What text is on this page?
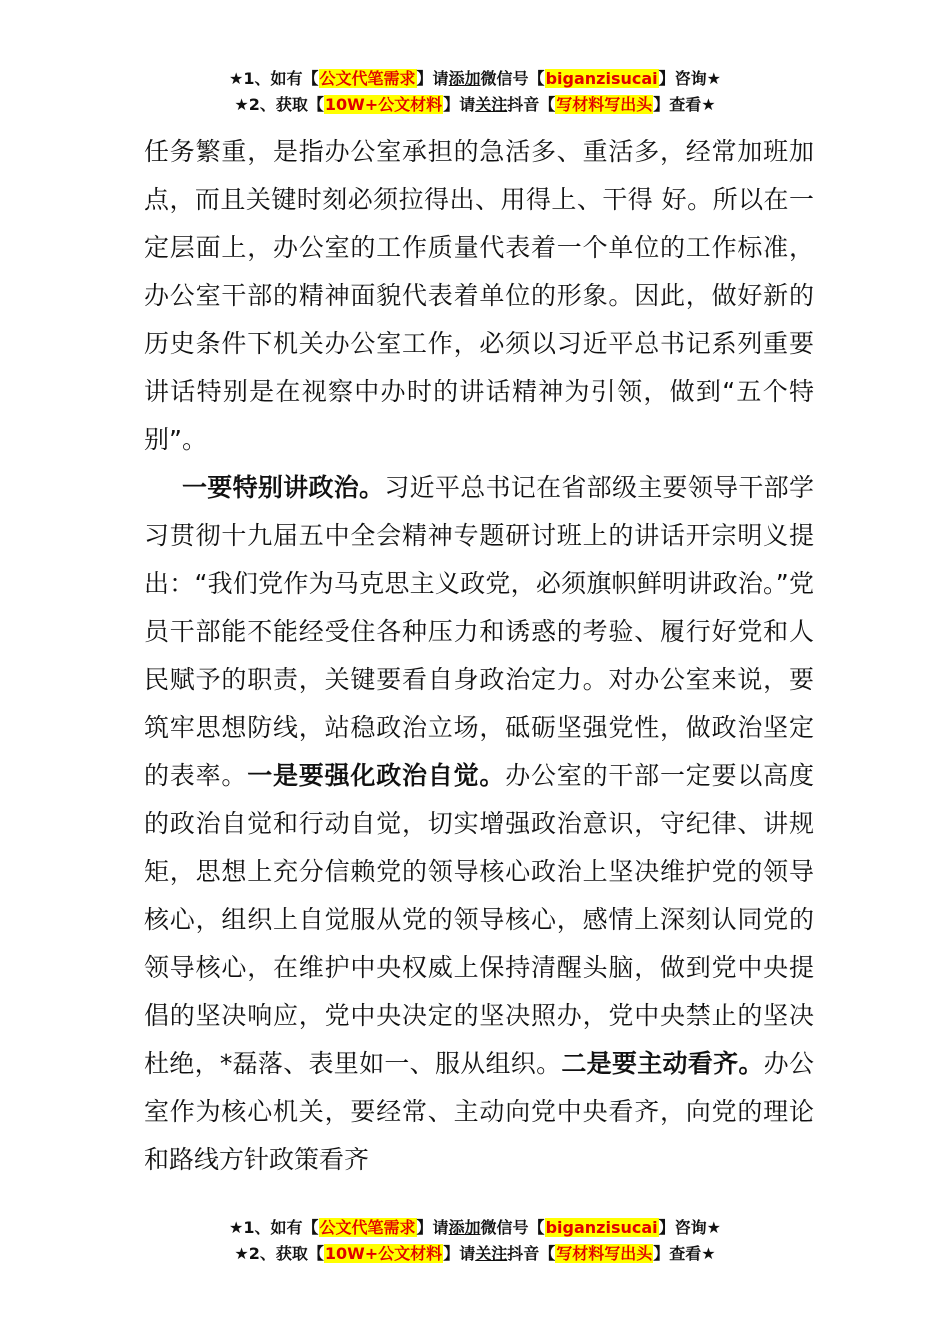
★1、如有【公文代笔需求】请添加微信号【biganzisucai】咨询★
★2、获取【10W+公文材料】请关注抖音【写材料写出头】查看★

任务繁重，是指办公室承担的急活多、重活多，经常加班加点，而且关键时刻必须拉得出、用得上、干得 好。所以在一定层面上，办公室的工作质量代表着一个单位的工作标准，办公室干部的精神面貌代表着单位的形象。因此，做好新的历史条件下机关办公室工作，必须以习近平总书记系列重要讲话特别是在视察中办时的讲话精神为引领，做到“五个特别”。

一要特别讲政治。习近平总书记在省部级主要领导干部学习贯彻十九届五中全会精神专题研讨班上的讲话开宗明义提出：“我们党作为马克思主义政党，必须旗帜鲜明讲政治。”党员干部能不能经受住各种压力和诱惑的考验、履行好党和人民赋予的职责，关键要看自身政治定力。对办公室来说，要筑牢思想防线，站稳政治立场，砥砺坚强党性，做政治坚定的表率。一是要强化政治自觉。办公室的干部一定要以高度的政治自觉和行动自觉，切实增强政治意识，守纪律、讲规矩，思想上充分信赖党的领导核心政治上坚决维护党的领导核心，组织上自觉服从党的领导核心，感情上深刻认同党的领导核心，在维护中央权威上保持清醒头脑，做到党中央提倡的坚决响应，党中央决定的坚决照办，党中央禁止的坚决杜绝，*磊落、表里如一、服从组织。二是要主动看齐。办公室作为核心机关，要经常、主动向党中央看齐，向党的理论和路线方针政策看齐

★1、如有【公文代笔需求】请添加微信号【biganzisucai】咨询★
★2、获取【10W+公文材料】请关注抖音【写材料写出头】查看★
